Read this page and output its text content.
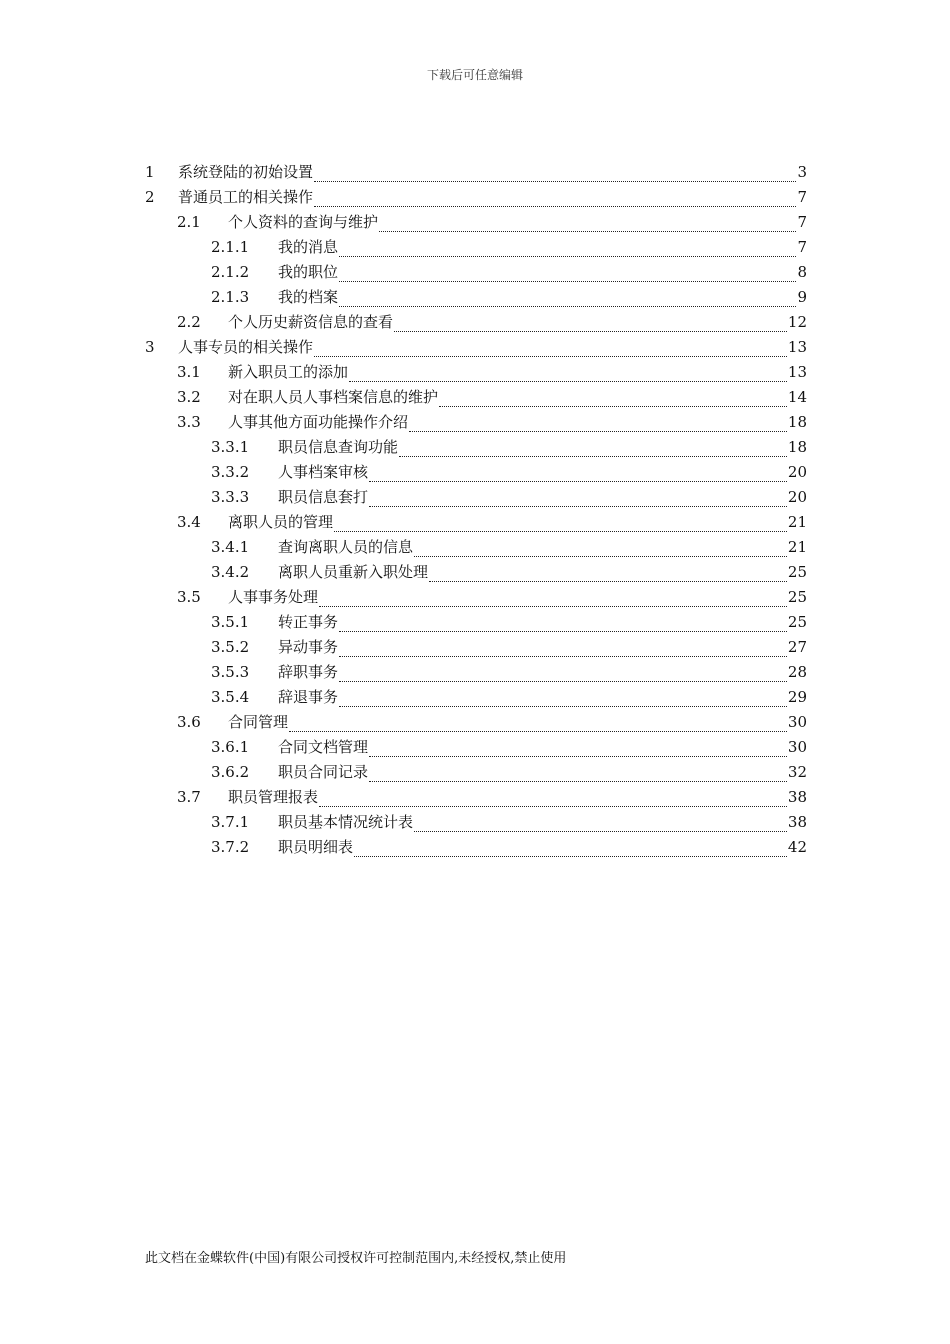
下载后可任意编辑
1	系统登陆的初始设置	3
2	普通员工的相关操作	7
2.1	个人资料的查询与维护	7
2.1.1	我的消息	7
2.1.2	我的职位	8
2.1.3	我的档案	9
2.2	个人历史薪资信息的查看	12
3	人事专员的相关操作	13
3.1	新入职员工的添加	13
3.2	对在职人员人事档案信息的维护	14
3.3	人事其他方面功能操作介绍	18
3.3.1	职员信息查询功能	18
3.3.2	人事档案审核	20
3.3.3	职员信息套打	20
3.4	离职人员的管理	21
3.4.1	查询离职人员的信息	21
3.4.2	离职人员重新入职处理	25
3.5	人事事务处理	25
3.5.1	转正事务	25
3.5.2	异动事务	27
3.5.3	辞职事务	28
3.5.4	辞退事务	29
3.6	合同管理	30
3.6.1	合同文档管理	30
3.6.2	职员合同记录	32
3.7	职员管理报表	38
3.7.1	职员基本情况统计表	38
3.7.2	职员明细表	42
此文档在金蝶软件(中国)有限公司授权许可控制范围内,未经授权,禁止使用
